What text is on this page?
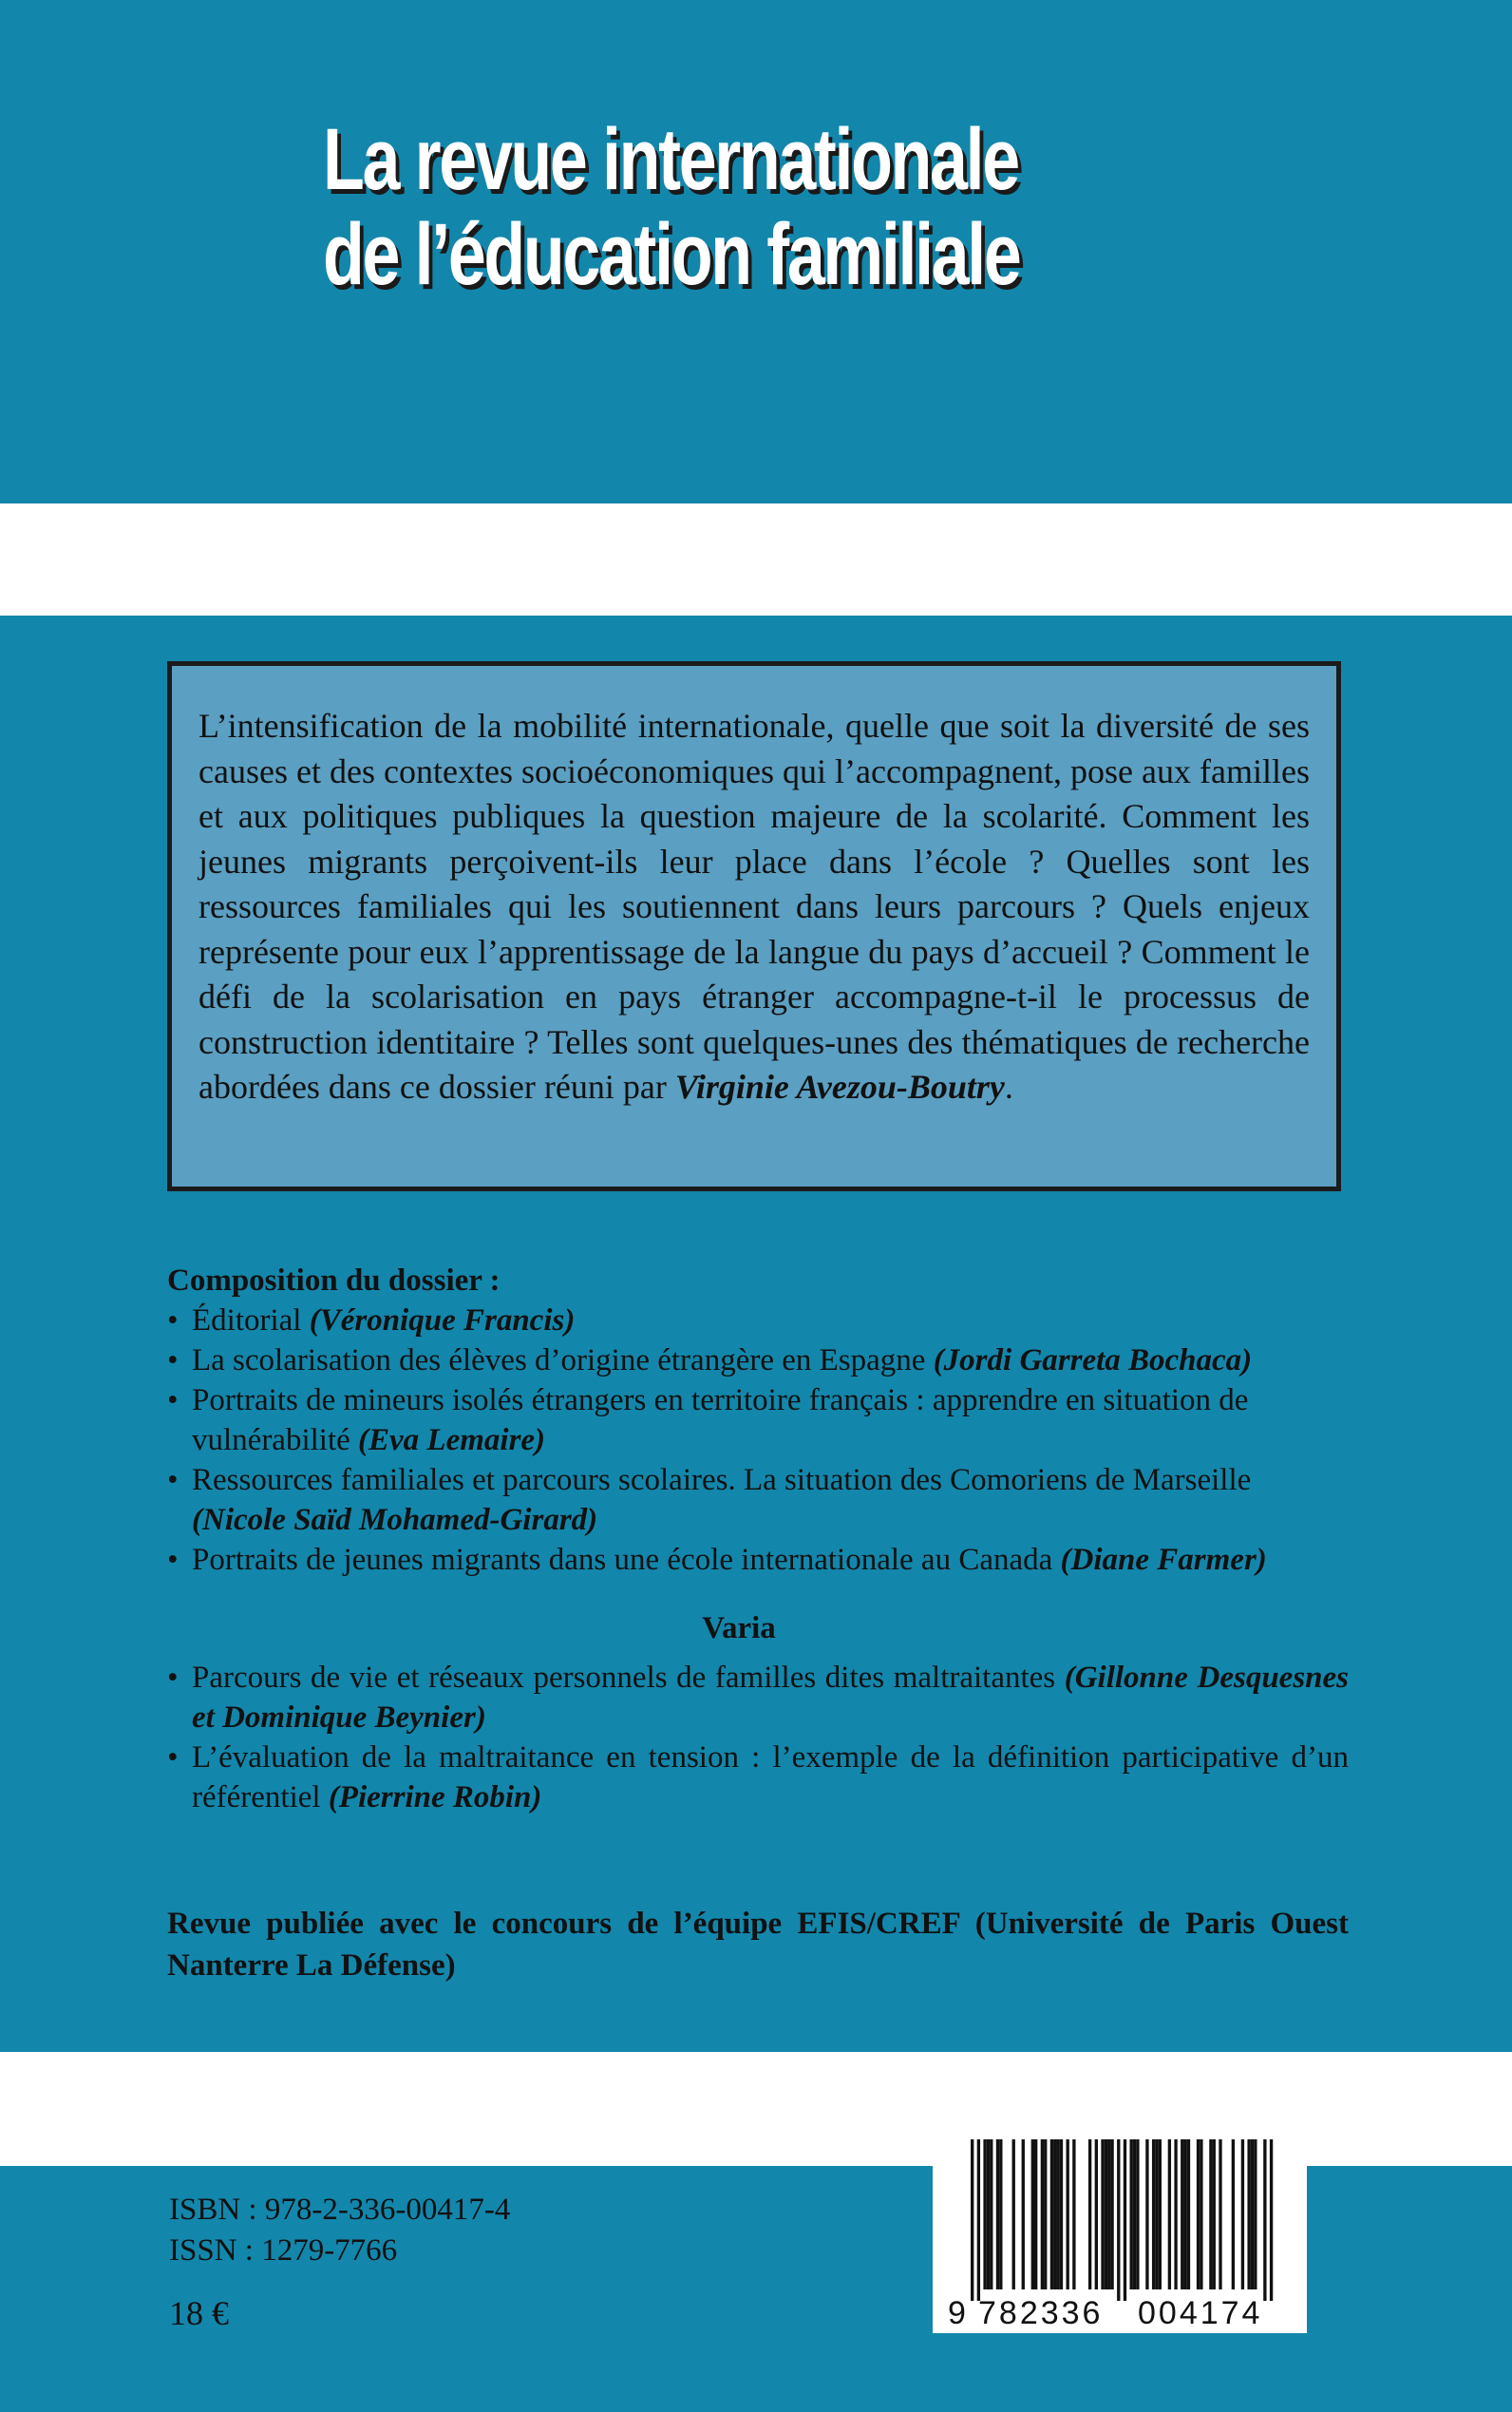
La revue internationale
de l’éducation familiale
L’intensification de la mobilité internationale, quelle que soit la diversité de ses causes et des contextes socioéconomiques qui l’accompagnent, pose aux familles et aux politiques publiques la question majeure de la scolarité. Comment les jeunes migrants perçoivent-ils leur place dans l’école ? Quelles sont les ressources familiales qui les soutiennent dans leurs parcours ? Quels enjeux représente pour eux l’apprentissage de la langue du pays d’accueil ? Comment le défi de la scolarisation en pays étranger accompagne-t-il le processus de construction identitaire ? Telles sont quelques-unes des thématiques de recherche abordées dans ce dossier réuni par Virginie Avezou-Boutry.
Composition du dossier :
• Éditorial (Véronique Francis)
• La scolarisation des élèves d’origine étrangère en Espagne (Jordi Garreta Bochaca)
• Portraits de mineurs isolés étrangers en territoire français : apprendre en situation de vulnérabilité (Eva Lemaire)
• Ressources familiales et parcours scolaires. La situation des Comoriens de Marseille (Nicole Saïd Mohamed-Girard)
• Portraits de jeunes migrants dans une école internationale au Canada (Diane Farmer)
Varia
• Parcours de vie et réseaux personnels de familles dites maltraitantes (Gillonne Desquesnes et Dominique Beynier)
• L’évaluation de la maltraitance en tension : l’exemple de la définition participative d’un référentiel (Pierrine Robin)
Revue publiée avec le concours de l’équipe EFIS/CREF (Université de Paris Ouest Nanterre La Défense)
ISBN : 978-2-336-00417-4
ISSN : 1279-7766
18 €	9 782336 004174
